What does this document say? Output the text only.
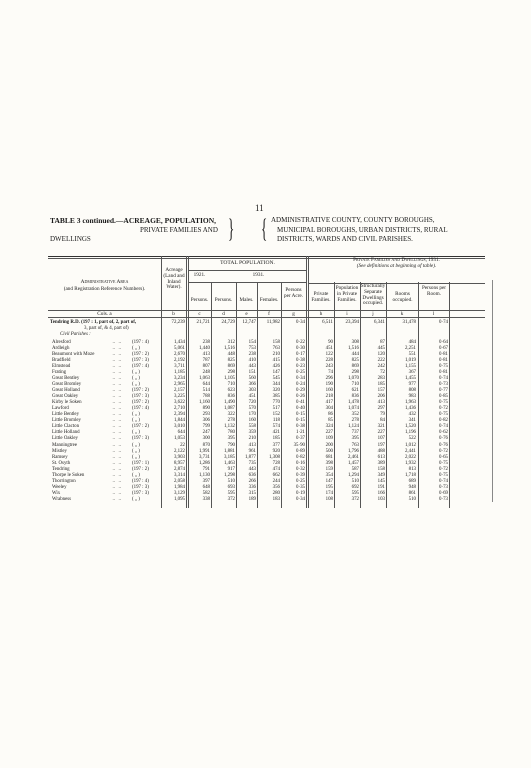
11
TABLE 3 continued.—ACREAGE, POPULATION,
PRIVATE FAMILIES AND
DWELLINGS	} { ADMINISTRATIVE COUNTY, COUNTY BOROUGHS,
MUNICIPAL BOROUGHS, URBAN DISTRICTS, RURAL
DISTRICTS, WARDS AND CIVIL PARISHES.
Administrative Area
(and Registration Reference Numbers).
Acreage (Land and Inland Water).
TOTAL POPULATION.
1921.	1931.
Persons.	Persons.	Males.	Females.
Persons per Acre.
Private Families and Dwellings, 1931.
(See definitions at beginning of table).
Private Families.
Population in Private Families.
Structurally Separate Dwellings occupied.
Rooms occupied.
Persons per Room.
Cols. a	b	c	d	e	f	g	h	i	j	k	l
Tendring R.D. (197 : 1, part of, 2, part of,
3, part of, & 4, part of)
72,239	21,721	24,729	12,747	11,982	0·34	6,511	23,394	6,341	31,478	0·74
Civil Parishes :
Alresford	..   .. (197 : 4)	1,434	238	312	154	158	0·22	90	308	87	484	0·64
Ardleigh	..   .. ( „ )	5,061	1,440	1,516	753	763	0·30	451	1,516	445	2,251	0·67
Beaumont with Moze	..   .. (197 : 2)	2,670	413	448	238	210	0·17	122	444	120	551	0·81
Bradfield	..   .. (197 : 3)	2,192	787	825	410	415	0·38	228	825	222	1,019	0·81
Elmstead	..   .. (197 : 4)	3,711	807	869	443	426	0·23	243	869	242	1,155	0·75
Frating	..   .. ( „ )	1,185	248	298	151	147	0·25	74	298	72	367	0·81
Great Bentley	..   .. ( „ )	3,234	1,063	1,105	560	545	0·34	296	1,070	283	1,455	0·74
Great Bromley	..   .. ( „ )	2,965	644	710	366	344	0·24	190	710	185	977	0·73
Great Holland	..   .. (197 : 2)	2,157	514	623	303	320	0·29	160	621	157	808	0·77
Great Oakley	..   .. (197 : 3)	3,225	788	836	451	385	0·26	218	836	206	983	0·85
Kirby le Soken	..   .. (197 : 2)	3,622	1,160	1,490	720	770	0·41	417	1,478	413	1,963	0·75
Lawford	..   .. (197 : 4)	2,710	890	1,087	570	517	0·40	304	1,074	297	1,436	0·72
Little Bentley	..   .. ( „ )	2,394	293	322	170	152	0·15	86	352	79	432	0·75
Little Bromley	..   .. ( „ )	1,844	306	278	160	118	0·15	85	278	84	341	0·82
Little Clacton	..   .. (197 : 2)	3,010	799	1,132	558	574	0·38	324	1,124	321	1,520	0·74
Little Holland	..   .. ( „ )	644	247	780	359	421	1·21	227	737	227	1,196	0·62
Little Oakley	..   .. (197 : 3)	1,053	300	395	210	185	0·37	109	395	107	522	0·76
Manningtree	..   .. ( „ )	22	870	790	413	377	35·90	200	763	197	1,012	0·76
Mistley	..   .. ( „ )	2,122	1,991	1,881	961	920	0·89	500	1,796	488	2,441	0·72
Ramsey	..   .. ( „ )	3,903	3,731	3,185	1,877	1,308	0·82	681	2,461	613	2,022	0·65
St. Osyth	..   .. (197 : 1)	8,957	1,286	1,463	735	728	0·16	398	1,457	389	1,932	0·75
Tendring	..   .. (197 : 2)	2,874	791	917	443	474	0·32	159	587	158	813	0·72
Thorpe le Soken	..   .. ( „ )	3,314	1,130	1,298	636	662	0·39	354	1,294	349	1,718	0·75
Thorrington	..   .. (197 : 4)	2,058	397	510	266	244	0·25	147	510	145	689	0·74
Weeley	..   .. (197 : 3)	1,984	648	693	336	356	0·35	195	692	191	948	0·73
Wix	..   .. (197 : 3)	3,129	582	595	315	280	0·19	174	595	166	861	0·69
Wrabness	..   .. ( „ )	1,095	338	372	189	183	0·34	108	372	103	510	0·73
